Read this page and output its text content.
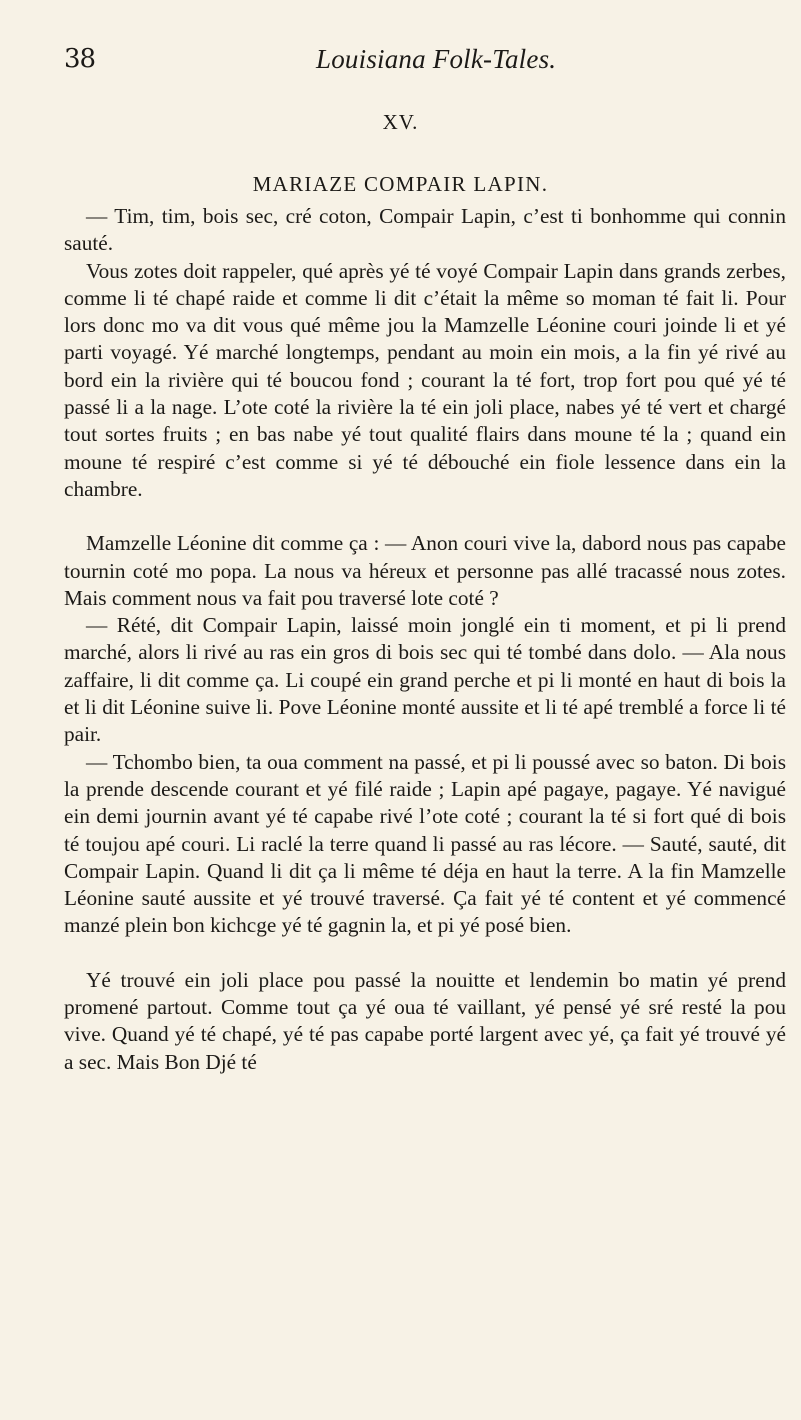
38	Louisiana Folk-Tales.
XV.
MARIAZE COMPAIR LAPIN.

— Tim, tim, bois sec, cré coton, Compair Lapin, c’est ti bonhomme qui connin sauté.

Vous zotes doit rappeler, qué après yé té voyé Compair Lapin dans grands zerbes, comme li té chapé raide et comme li dit c’était la même so moman té fait li. Pour lors donc mo va dit vous qué même jou la Mamzelle Léonine couri joinde li et yé parti voyagé. Yé marché longtemps, pendant au moin ein mois, a la fin yé rivé au bord ein la rivière qui té boucou fond ; courant la té fort, trop fort pou qué yé té passé li a la nage. L’ote coté la rivière la té ein joli place, nabes yé té vert et chargé tout sortes fruits ; en bas nabe yé tout qualité flairs dans moune té la ; quand ein moune té respiré c’est comme si yé té débouché ein fiole lessence dans ein la chambre.

Mamzelle Léonine dit comme ça : — Anon couri vive la, dabord nous pas capabe tournin coté mo popa. La nous va héreux et personne pas allé tracassé nous zotes. Mais comment nous va fait pou traversé lote coté ?

— Rété, dit Compair Lapin, laissé moin jonglé ein ti moment, et pi li prend marché, alors li rivé au ras ein gros di bois sec qui té tombé dans dolo. — Ala nous zaffaire, li dit comme ça. Li coupé ein grand perche et pi li monté en haut di bois la et li dit Léonine suive li. Pove Léonine monté aussite et li té apé tremblé a force li té pair.

— Tchombo bien, ta oua comment na passé, et pi li poussé avec so baton. Di bois la prende descende courant et yé filé raide ; Lapin apé pagaye, pagaye. Yé navigué ein demi journin avant yé té capabe rivé l’ote coté ; courant la té si fort qué di bois té toujou apé couri. Li raclé la terre quand li passé au ras lécore. — Sauté, sauté, dit Compair Lapin. Quand li dit ça li même té déja en haut la terre. A la fin Mamzelle Léonine sauté aussite et yé trouvé traversé. Ça fait yé té content et yé commencé manzé plein bon kichcge yé té gagnin la, et pi yé posé bien.

Yé trouvé ein joli place pou passé la nouitte et lendemin bo matin yé prend promené partout. Comme tout ça yé oua té vaillant, yé pensé yé sré resté la pou vive. Quand yé té chapé, yé té pas capabe porté largent avec yé, ça fait yé trouvé yé a sec. Mais Bon Djé té
